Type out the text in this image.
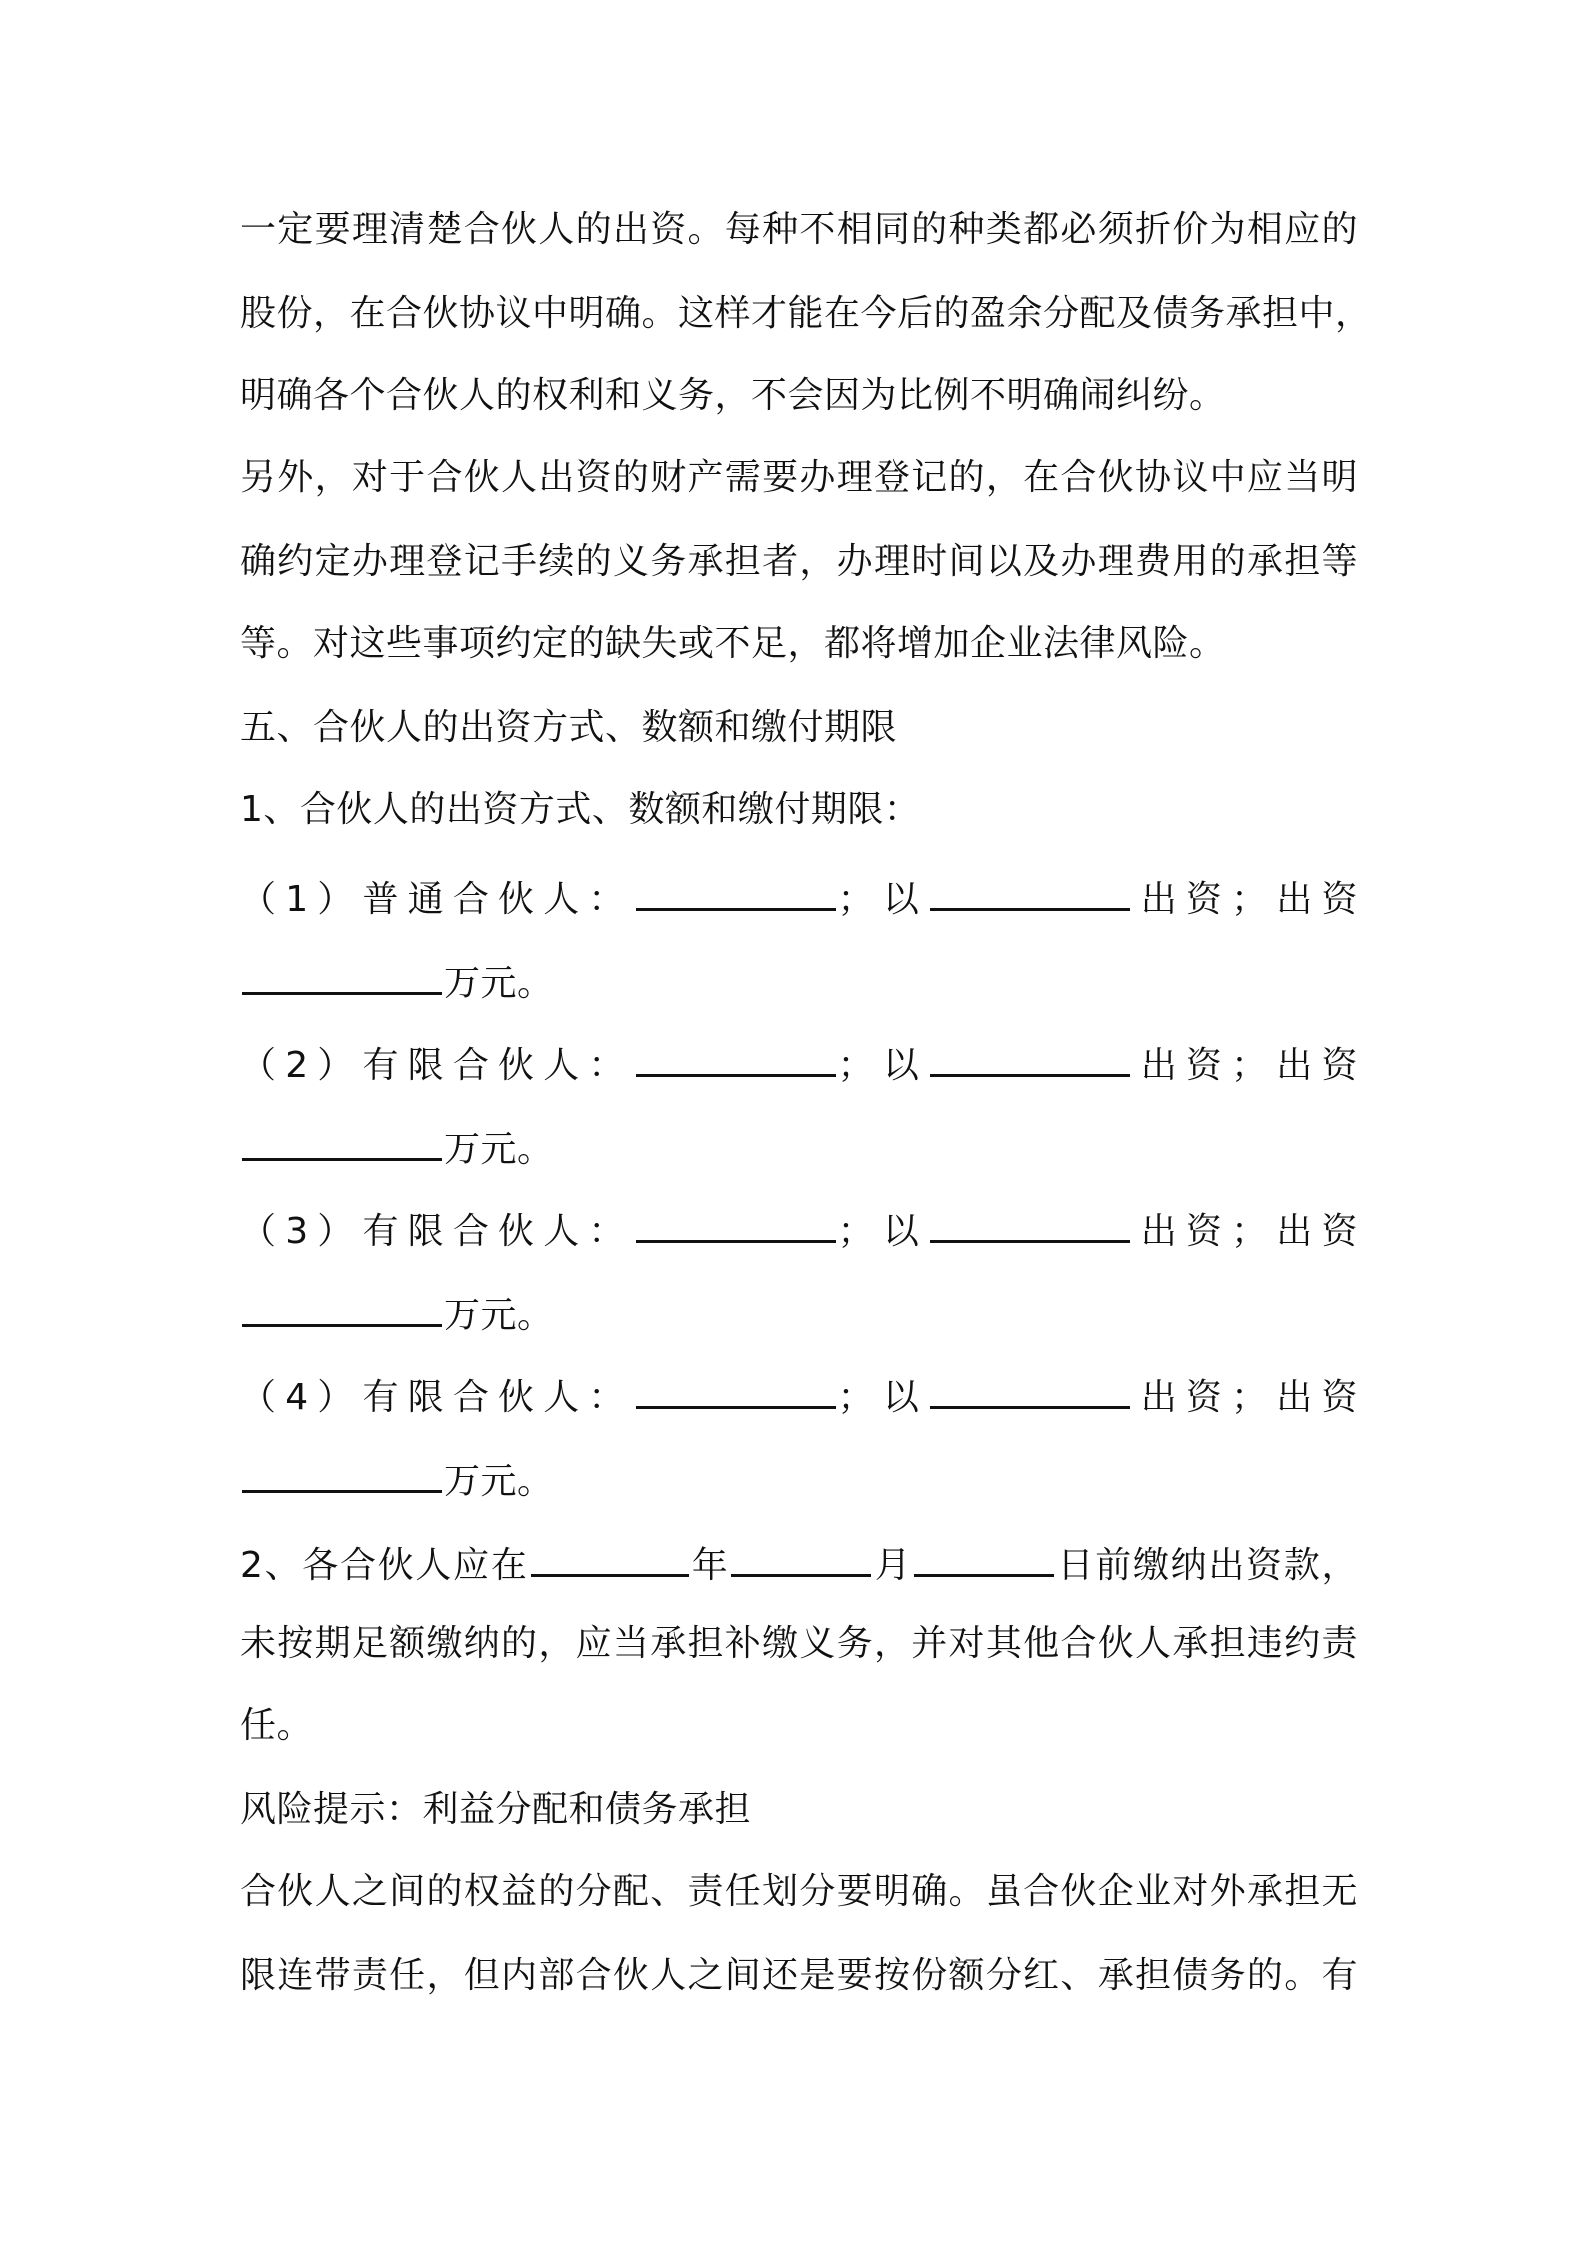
一定要理清楚合伙人的出资。每种不相同的种类都必须折价为相应的
股份，在合伙协议中明确。这样才能在今后的盈余分配及债务承担中，
明确各个合伙人的权利和义务，不会因为比例不明确闹纠纷。
另外，对于合伙人出资的财产需要办理登记的，在合伙协议中应当明
确约定办理登记手续的义务承担者，办理时间以及办理费用的承担等
等。对这些事项约定的缺失或不足，都将增加企业法律风险。
五、合伙人的出资方式、数额和缴付期限
1、合伙人的出资方式、数额和缴付期限：
（1）普通合伙人：	；以	出资；出资
万元。
（2）有限合伙人：	；以	出资；出资
万元。
（3）有限合伙人：	；以	出资；出资
万元。
（4）有限合伙人：	；以	出资；出资
万元。
2、各合伙人应在	年	月	日前缴纳出资款，
未按期足额缴纳的，应当承担补缴义务，并对其他合伙人承担违约责
任。
风险提示：利益分配和债务承担
合伙人之间的权益的分配、责任划分要明确。虽合伙企业对外承担无
限连带责任，但内部合伙人之间还是要按份额分红、承担债务的。有
